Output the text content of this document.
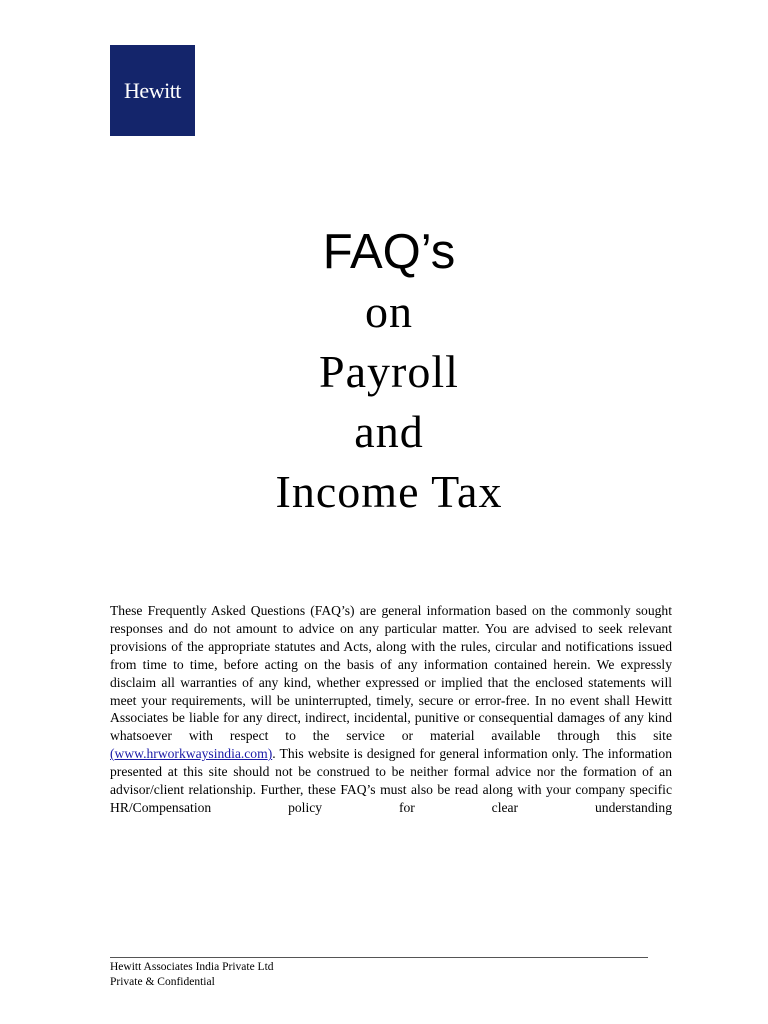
Hewitt
FAQ’s
on
Payroll
and
Income Tax
These Frequently Asked Questions (FAQ’s) are general information based on the commonly sought responses and do not amount to advice on any particular matter. You are advised to seek relevant provisions of the appropriate statutes and Acts, along with the rules, circular and notifications issued from time to time, before acting on the basis of any information contained herein. We expressly disclaim all warranties of any kind, whether expressed or implied that the enclosed statements will meet your requirements, will be uninterrupted, timely, secure or error-free. In no event shall Hewitt Associates be liable for any direct, indirect, incidental, punitive or consequential damages of any kind whatsoever with respect to the service or material available through this site (www.hrworkwaysindia.com). This website is designed for general information only. The information presented at this site should not be construed to be neither formal advice nor the formation of an advisor/client relationship. Further, these FAQ’s must also be read along with your company specific HR/Compensation policy for clear understanding
Hewitt Associates India Private Ltd
Private & Confidential
